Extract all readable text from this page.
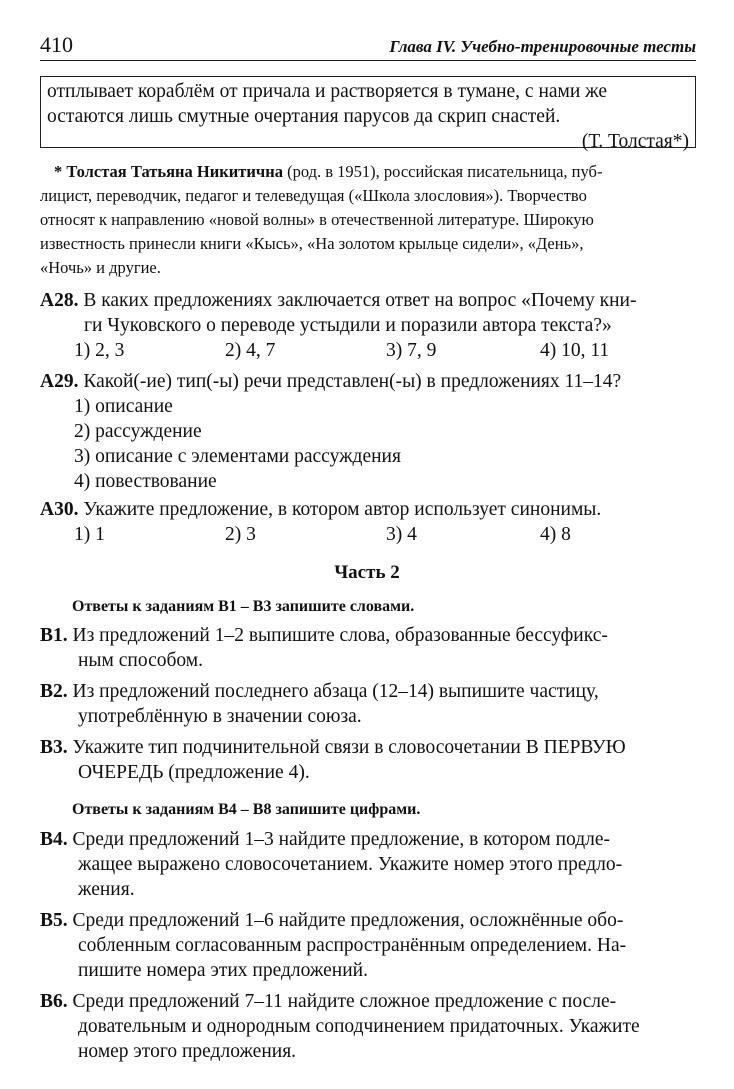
410	Глава IV. Учебно-тренировочные тесты
отплывает кораблём от причала и растворяется в тумане, с нами же
остаются лишь смутные очертания парусов да скрип снастей.
(Т. Толстая*)
* Толстая Татьяна Никитична (род. в 1951), российская писательница, пуб-
лицист, переводчик, педагог и телеведущая («Школа злословия»). Творчество
относят к направлению «новой волны» в отечественной литературе. Широкую
известность принесли книги «Кысь», «На золотом крыльце сидели», «День»,
«Ночь» и другие.
А28. В каких предложениях заключается ответ на вопрос «Почему кни-
ги Чуковского о переводе устыдили и поразили автора текста?»
1) 2, 3	2) 4, 7	3) 7, 9	4) 10, 11
А29. Какой(-ие) тип(-ы) речи представлен(-ы) в предложениях 11–14?
1) описание
2) рассуждение
3) описание с элементами рассуждения
4) повествование
А30. Укажите предложение, в котором автор использует синонимы.
1) 1	2) 3	3) 4	4) 8
Часть 2
Ответы к заданиям В1 – В3 запишите словами.
В1. Из предложений 1–2 выпишите слова, образованные бессуфикс-
ным способом.
В2. Из предложений последнего абзаца (12–14) выпишите частицу,
употреблённую в значении союза.
В3. Укажите тип подчинительной связи в словосочетании В ПЕРВУЮ
ОЧЕРЕДЬ (предложение 4).
Ответы к заданиям В4 – В8 запишите цифрами.
В4. Среди предложений 1–3 найдите предложение, в котором подле-
жащее выражено словосочетанием. Укажите номер этого предло-
жения.
В5. Среди предложений 1–6 найдите предложения, осложнённые обо-
собленным согласованным распространённым определением. На-
пишите номера этих предложений.
В6. Среди предложений 7–11 найдите сложное предложение с после-
довательным и однородным соподчинением придаточных. Укажите
номер этого предложения.
